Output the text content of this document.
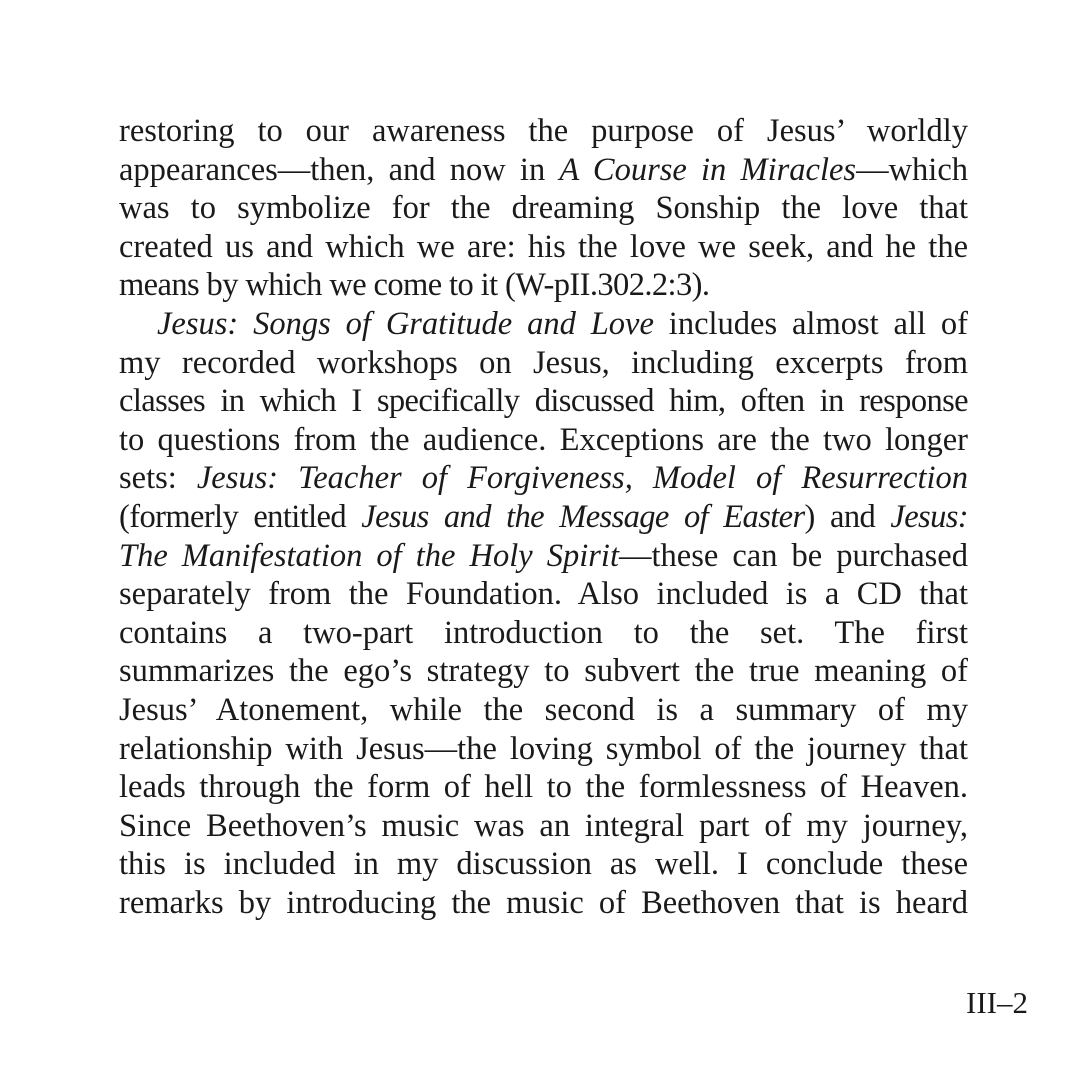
restoring to our awareness the purpose of Jesus’ worldly
appearances—then, and now in A Course in Miracles—which
was to symbolize for the dreaming Sonship the love that
created us and which we are: his the love we seek, and he the
means by which we come to it (W-pII.302.2:3).
Jesus: Songs of Gratitude and Love includes almost all of
my recorded workshops on Jesus, including excerpts from
classes in which I specifically discussed him, often in response
to questions from the audience. Exceptions are the two longer
sets: Jesus: Teacher of Forgiveness, Model of Resurrection
(formerly entitled Jesus and the Message of Easter) and Jesus:
The Manifestation of the Holy Spirit—these can be purchased
separately from the Foundation. Also included is a CD that
contains a two-part introduction to the set. The first
summarizes the ego’s strategy to subvert the true meaning of
Jesus’ Atonement, while the second is a summary of my
relationship with Jesus—the loving symbol of the journey that
leads through the form of hell to the formlessness of Heaven.
Since Beethoven’s music was an integral part of my journey,
this is included in my discussion as well. I conclude these
remarks by introducing the music of Beethoven that is heard
III–2
